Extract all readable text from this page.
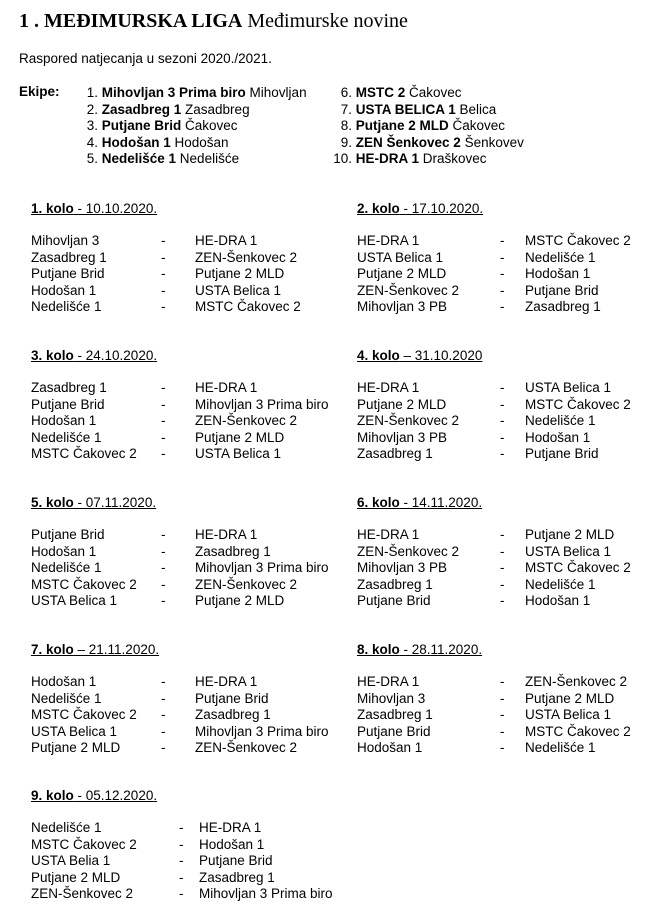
1 . MEĐIMURSKA LIGA Međimurske novine
Raspored natjecanja u sezoni 2020./2021.
Ekipe:	1. Mihovljan 3 Prima biro Mihovljan
2. Zasadbreg 1 Zasadbreg
3. Putjane Brid Čakovec
4. Hodošan 1 Hodošan
5. Nedelišće 1 Nedelišće
6. MSTC 2 Čakovec
7. USTA BELICA 1 Belica
8. Putjane 2 MLD Čakovec
9. ZEN Šenkovec 2 Šenkovev
10. HE-DRA 1 Draškovec
1. kolo - 10.10.2020.
Mihovljan 3	- HE-DRA 1
Zasadbreg 1	- ZEN-Šenkovec 2
Putjane Brid	- Putjane 2 MLD
Hodošan 1	- USTA Belica 1
Nedelišće 1	- MSTC Čakovec 2
2. kolo - 17.10.2020.
HE-DRA 1	- MSTC Čakovec 2
USTA Belica 1	- Nedelišće 1
Putjane 2 MLD	- Hodošan 1
ZEN-Šenkovec 2	- Putjane Brid
Mihovljan 3 PB	- Zasadbreg 1
3. kolo - 24.10.2020.
Zasadbreg 1	- HE-DRA 1
Putjane Brid	- Mihovljan 3 Prima biro
Hodošan 1	- ZEN-Šenkovec 2
Nedelišće 1	- Putjane 2 MLD
MSTC Čakovec 2 - USTA Belica 1
4. kolo – 31.10.2020
HE-DRA 1	- USTA Belica 1
Putjane 2 MLD	- MSTC Čakovec 2
ZEN-Šenkovec 2	- Nedelišće 1
Mihovljan 3 PB	- Hodošan 1
Zasadbreg 1	- Putjane Brid
5. kolo - 07.11.2020.
Putjane Brid	- HE-DRA 1
Hodošan 1	- Zasadbreg 1
Nedelišće 1	- Mihovljan 3 Prima biro
MSTC Čakovec 2 - ZEN-Šenkovec 2
USTA Belica 1	- Putjane 2 MLD
6. kolo - 14.11.2020.
HE-DRA 1	- Putjane 2 MLD
ZEN-Šenkovec 2	- USTA Belica 1
Mihovljan 3 PB	- MSTC Čakovec 2
Zasadbreg 1	- Nedelišće 1
Putjane Brid	- Hodošan 1
7. kolo – 21.11.2020.
Hodošan 1	- HE-DRA 1
Nedelišće 1	- Putjane Brid
MSTC Čakovec 2 - Zasadbreg 1
USTA Belica 1	- Mihovljan 3 Prima biro
Putjane 2 MLD	- ZEN-Šenkovec 2
8. kolo - 28.11.2020.
HE-DRA 1	- ZEN-Šenkovec 2
Mihovljan 3	- Putjane 2 MLD
Zasadbreg 1	- USTA Belica 1
Putjane Brid	- MSTC Čakovec 2
Hodošan 1	- Nedelišće 1
9. kolo - 05.12.2020.
Nedelišće 1	- HE-DRA 1
MSTC Čakovec 2	- Hodošan 1
USTA Belia 1	- Putjane Brid
Putjane 2 MLD	- Zasadbreg 1
ZEN-Šenkovec 2	- Mihovljan 3 Prima biro
